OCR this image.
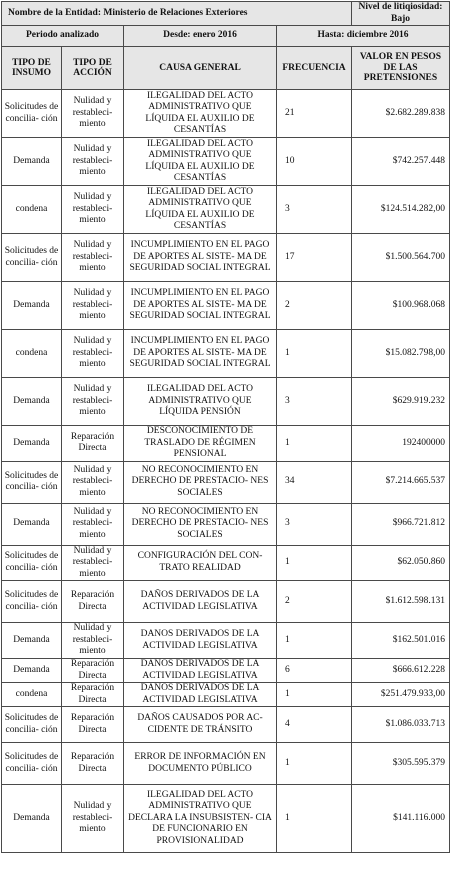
Nombre de la Entidad: Ministerio de Relaciones Exteriores				Nivel de litiqiosidad: Bajo
Periodo analizado		Desde: enero 2016	Hasta: diciembre 2016	
TIPO DE INSUMO	TIPO DE ACCIÓN	CAUSA GENERAL	FRECUENCIA	VALOR EN PESOS DE LAS PRETENSIONES
Solicitudes de concilia- ción	Nulidad y restableci- miento	ILEGALIDAD DEL ACTO ADMINISTRATIVO QUE LÍQUIDA EL AUXILIO DE CESANTÍAS	21	$2.682.289.838
Demanda	Nulidad y restableci- miento	ILEGALIDAD DEL ACTO ADMINISTRATIVO QUE LÍQUIDA EL AUXILIO DE CESANTÍAS	10	$742.257.448
condena	Nulidad y restableci- miento	ILEGALIDAD DEL ACTO ADMINISTRATIVO QUE LÍQUIDA EL AUXILIO DE CESANTÍAS	3	$124.514.282,00
Solicitudes de concilia- ción	Nulidad y restableci- miento	INCUMPLIMIENTO EN EL PAGO DE APORTES AL SISTE- MA DE SEGURIDAD SOCIAL INTEGRAL	17	$1.500.564.700
Demanda	Nulidad y restableci- miento	INCUMPLIMIENTO EN EL PAGO DE APORTES AL SISTE- MA DE SEGURIDAD SOCIAL INTEGRAL	2	$100.968.068
condena	Nulidad y restableci- miento	INCUMPLIMIENTO EN EL PAGO DE APORTES AL SISTE- MA DE SEGURIDAD SOCIAL INTEGRAL	1	$15.082.798,00
Demanda	Nulidad y restableci- miento	ILEGALIDAD DEL ACTO ADMINISTRATIVO QUE LÍQUIDA PENSIÓN	3	$629.919.232
Demanda	Reparación Directa	DESCONOCIMIENTO DE TRASLADO DE RÉGIMEN PENSIONAL	1	192400000
Solicitudes de concilia- ción	Nulidad y restableci- miento	NO RECONOCIMIENTO EN DERECHO DE PRESTACIO- NES SOCIALES	34	$7.214.665.537
Demanda	Nulidad y restableci- miento	NO RECONOCIMIENTO EN DERECHO DE PRESTACIO- NES SOCIALES	3	$966.721.812
Solicitudes de concilia- ción	Nulidad y restableci- miento	CONFIGURACIÓN DEL CON- TRATO REALIDAD	1	$62.050.860
Solicitudes de concilia- ción	Reparación Directa	DAÑOS DERIVADOS DE LA ACTIVIDAD LEGISLATIVA	2	$1.612.598.131
Demanda	Nulidad y restableci- miento	DANOS DERIVADOS DE LA ACTIVIDAD LEGISLATIVA	1	$162.501.016
Demanda	Reparación Directa	DANOS DERIVADOS DE LA ACTIVIDAD LEGISLATIVA	6	$666.612.228
condena	Reparación Directa	DANOS DERIVADOS DE LA ACTIVIDAD LEGISLATIVA	1	$251.479.933,00
Solicitudes de concilia- ción	Reparación Directa	DAÑOS CAUSADOS POR AC- CIDENTE DE TRÁNSITO	4	$1.086.033.713
Solicitudes de concilia- ción	Reparación Directa	ERROR DE INFORMACIÓN EN DOCUMENTO PÚBLICO	1	$305.595.379
Demanda	Nulidad y restableci- miento	ILEGALIDAD DEL ACTO ADMINISTRATIVO QUE DECLARA LA INSUBSISTEN- CIA DE FUNCIONARIO EN PROVISIONALIDAD	1	$141.116.000
